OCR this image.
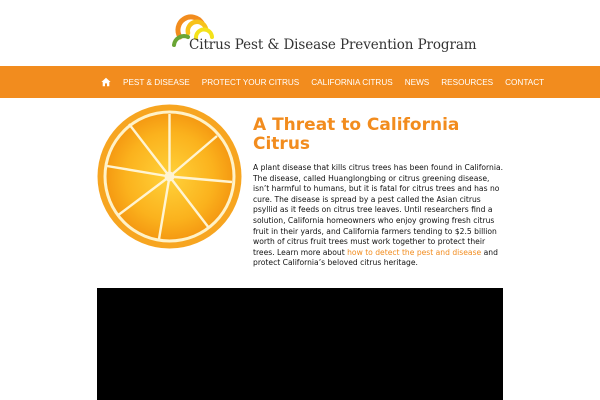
Citrus Pest & Disease Prevention Program
PEST & DISEASE PROTECT YOUR CITRUS CALIFORNIA CITRUS NEWS RESOURCES CONTACT
A Threat to California Citrus

A plant disease that kills citrus trees has been found in California. The disease, called Huanglongbing or citrus greening disease, isn’t harmful to humans, but it is fatal for citrus trees and has no cure. The disease is spread by a pest called the Asian citrus psyllid as it feeds on citrus tree leaves. Until researchers find a solution, California homeowners who enjoy growing fresh citrus fruit in their yards, and California farmers tending to $2.5 billion worth of citrus fruit trees must work together to protect their trees. Learn more about how to detect the pest and disease and protect California’s beloved citrus heritage.
